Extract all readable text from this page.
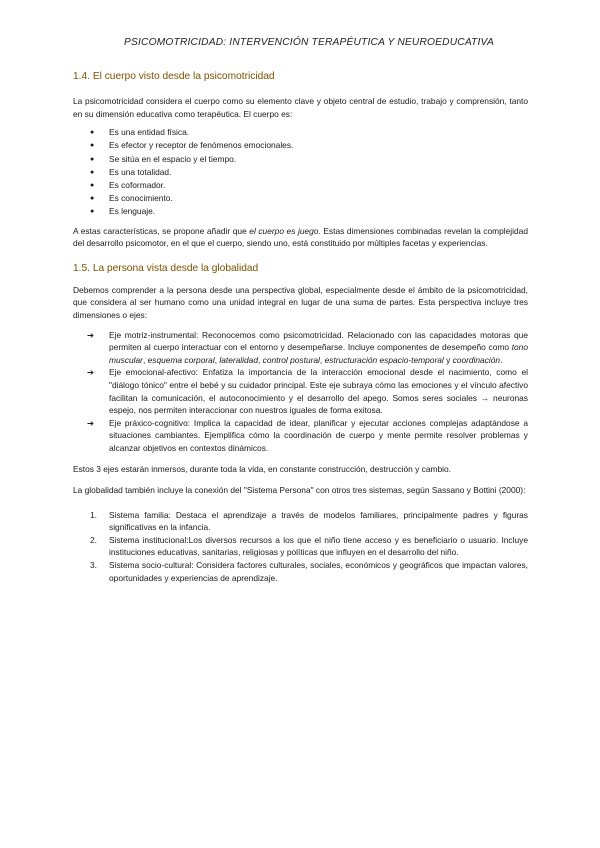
PSICOMOTRICIDAD: INTERVENCIÓN TERAPÉUTICA Y NEUROEDUCATIVA
1.4. El cuerpo visto desde la psicomotricidad

La psicomotricidad considera el cuerpo como su elemento clave y objeto central de estudio, trabajo y comprensión, tanto en su dimensión educativa como terapéutica. El cuerpo es:

● Es una entidad física.
● Es efector y receptor de fenómenos emocionales.
● Se sitúa en el espacio y el tiempo.
● Es una totalidad.
● Es coformador.
● Es conocimiento.
● Es lenguaje.

A estas características, se propone añadir que el cuerpo es juego. Estas dimensiones combinadas revelan la complejidad del desarrollo psicomotor, en el que el cuerpo, siendo uno, está constituido por múltiples facetas y experiencias.

1.5. La persona vista desde la globalidad

Debemos comprender a la persona desde una perspectiva global, especialmente desde el ámbito de la psicomotricidad, que considera al ser humano como una unidad integral en lugar de una suma de partes. Esta perspectiva incluye tres dimensiones o ejes:

➔ Eje motriz-instrumental: Reconocemos como psicomotricidad. Relacionado con las capacidades motoras que permiten al cuerpo interactuar con el entorno y desempeñarse. Incluye componentes de desempeño como tono muscular, esquema corporal, lateralidad, control postural, estructuración espacio-temporal y coordinación.
➔ Eje emocional-afectivo: Enfatiza la importancia de la interacción emocional desde el nacimiento, como el "diálogo tónico" entre el bebé y su cuidador principal. Este eje subraya cómo las emociones y el vínculo afectivo facilitan la comunicación, el autoconocimiento y el desarrollo del apego. Somos seres sociales → neuronas espejo, nos permiten interaccionar con nuestros iguales de forma exitosa.
➔ Eje práxico-cognitivo: Implica la capacidad de idear, planificar y ejecutar acciones complejas adaptándose a situaciones cambiantes. Ejemplifica cómo la coordinación de cuerpo y mente permite resolver problemas y alcanzar objetivos en contextos dinámicos.

Estos 3 ejes estarán inmersos, durante toda la vida, en constante construcción, destrucción y cambio.

La globalidad también incluye la conexión del "Sistema Persona" con otros tres sistemas, según Sassano y Bottini (2000):

1. Sistema familia: Destaca el aprendizaje a través de modelos familiares, principalmente padres y figuras significativas en la infancia.
2. Sistema institucional:Los diversos recursos a los que el niño tiene acceso y es beneficiario o usuario. Incluye instituciones educativas, sanitarias, religiosas y políticas que influyen en el desarrollo del niño.
3. Sistema socio-cultural: Considera factores culturales, sociales, económicos y geográficos que impactan valores, oportunidades y experiencias de aprendizaje.
